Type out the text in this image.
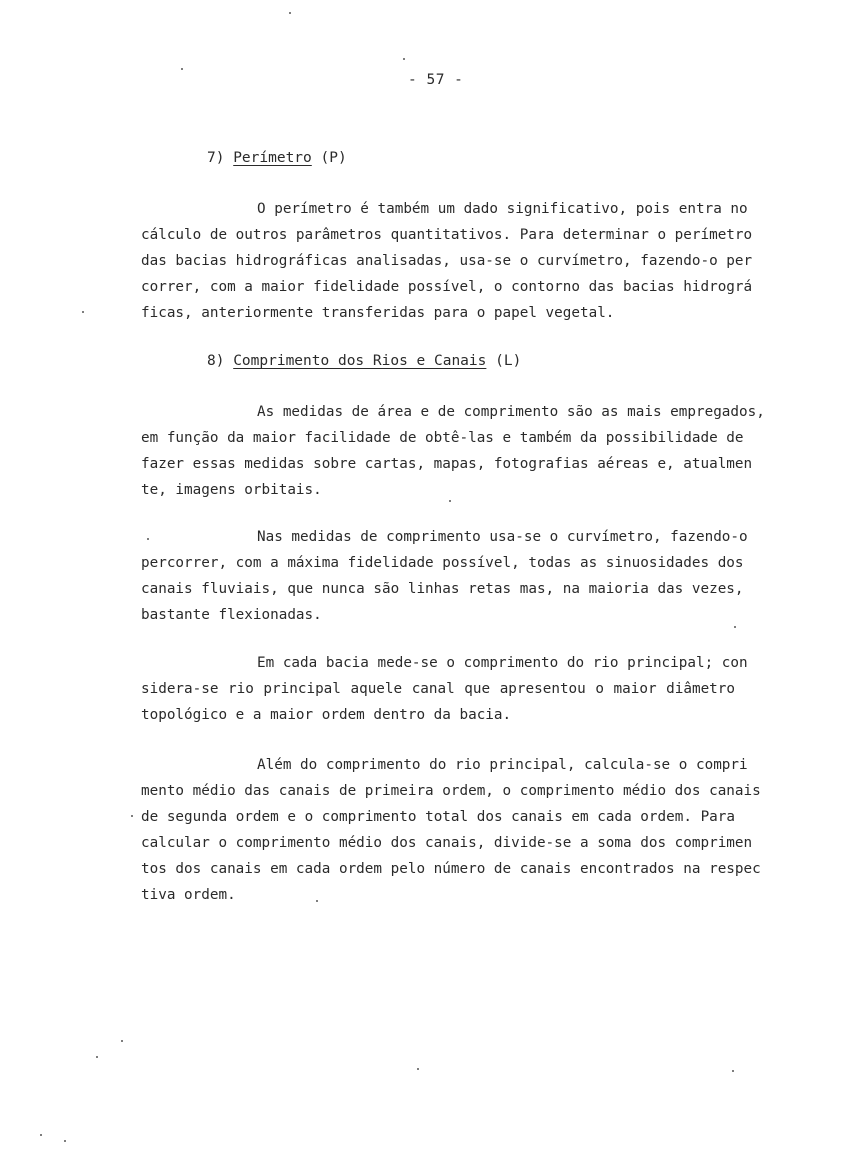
- 57 -
7) Perímetro (P)
O perímetro é também um dado significativo, pois entra no
cálculo de outros parâmetros quantitativos. Para determinar o perímetro
das bacias hidrográficas analisadas, usa-se o curvímetro, fazendo-o per
correr, com a maior fidelidade possível, o contorno das bacias hidrográ
ficas, anteriormente transferidas para o papel vegetal.
8) Comprimento dos Rios e Canais (L)
As medidas de área e de comprimento são as mais empregados,
em função da maior facilidade de obtê-las e também da possibilidade de
fazer essas medidas sobre cartas, mapas, fotografias aéreas e, atualmen
te, imagens orbitais.
Nas medidas de comprimento usa-se o curvímetro, fazendo-o
percorrer, com a máxima fidelidade possível, todas as sinuosidades dos
canais fluviais, que nunca são linhas retas mas, na maioria das vezes,
bastante flexionadas.
Em cada bacia mede-se o comprimento do rio principal; con
sidera-se rio principal aquele canal que apresentou o maior diâmetro
topológico e a maior ordem dentro da bacia.
Além do comprimento do rio principal, calcula-se o compri
mento médio das canais de primeira ordem, o comprimento médio dos canais
de segunda ordem e o comprimento total dos canais em cada ordem. Para
calcular o comprimento médio dos canais, divide-se a soma dos comprimen
tos dos canais em cada ordem pelo número de canais encontrados na respec
tiva ordem.
